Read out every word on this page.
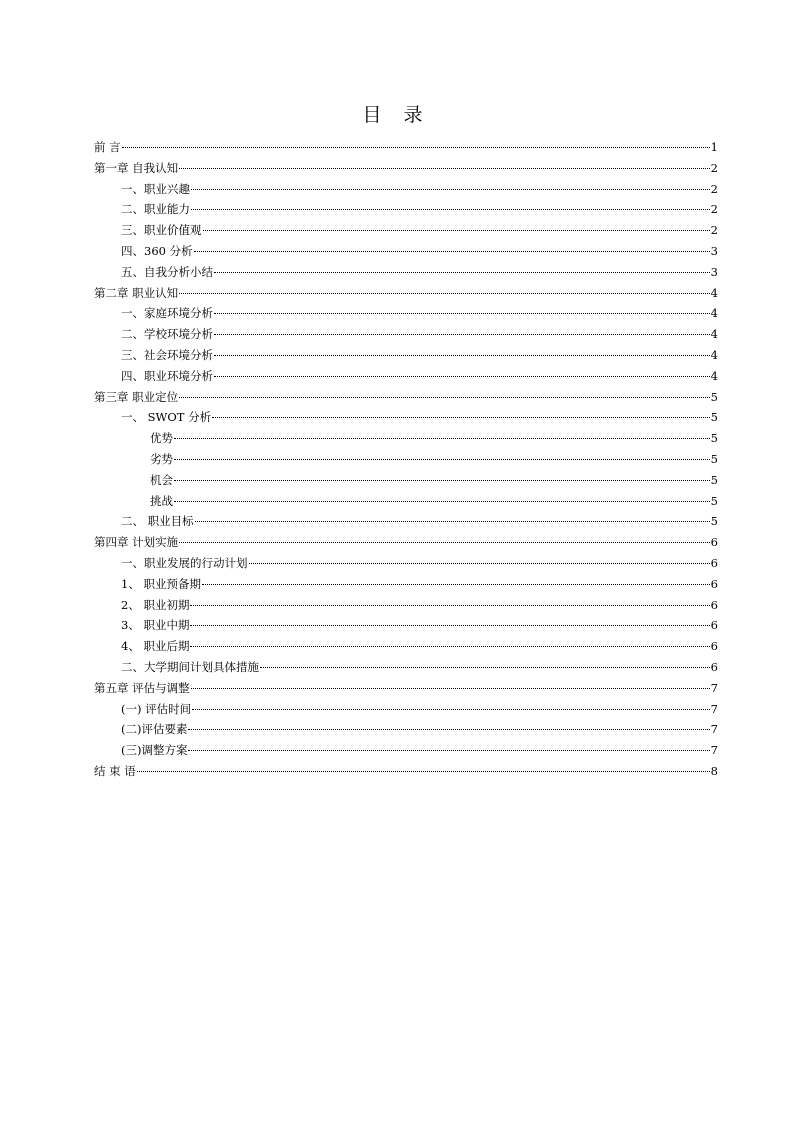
目 录
前 言	1
第一章 自我认知	2
一、职业兴趣	2
二、职业能力	2
三、职业价值观	2
四、360 分析	3
五、自我分析小结	3
第二章 职业认知	4
一、家庭环境分析	4
二、学校环境分析	4
三、社会环境分析	4
四、职业环境分析	4
第三章 职业定位	5
一、 SWOT 分析	5
优势	5
劣势	5
机会	5
挑战	5
二、 职业目标	5
第四章 计划实施	6
一、职业发展的行动计划	6
1、 职业预备期	6
2、 职业初期	6
3、 职业中期	6
4、 职业后期	6
二、大学期间计划具体措施	6
第五章 评估与调整	7
(一) 评估时间	7
(二)评估要素	7
(三)调整方案	7
结 束 语	8
